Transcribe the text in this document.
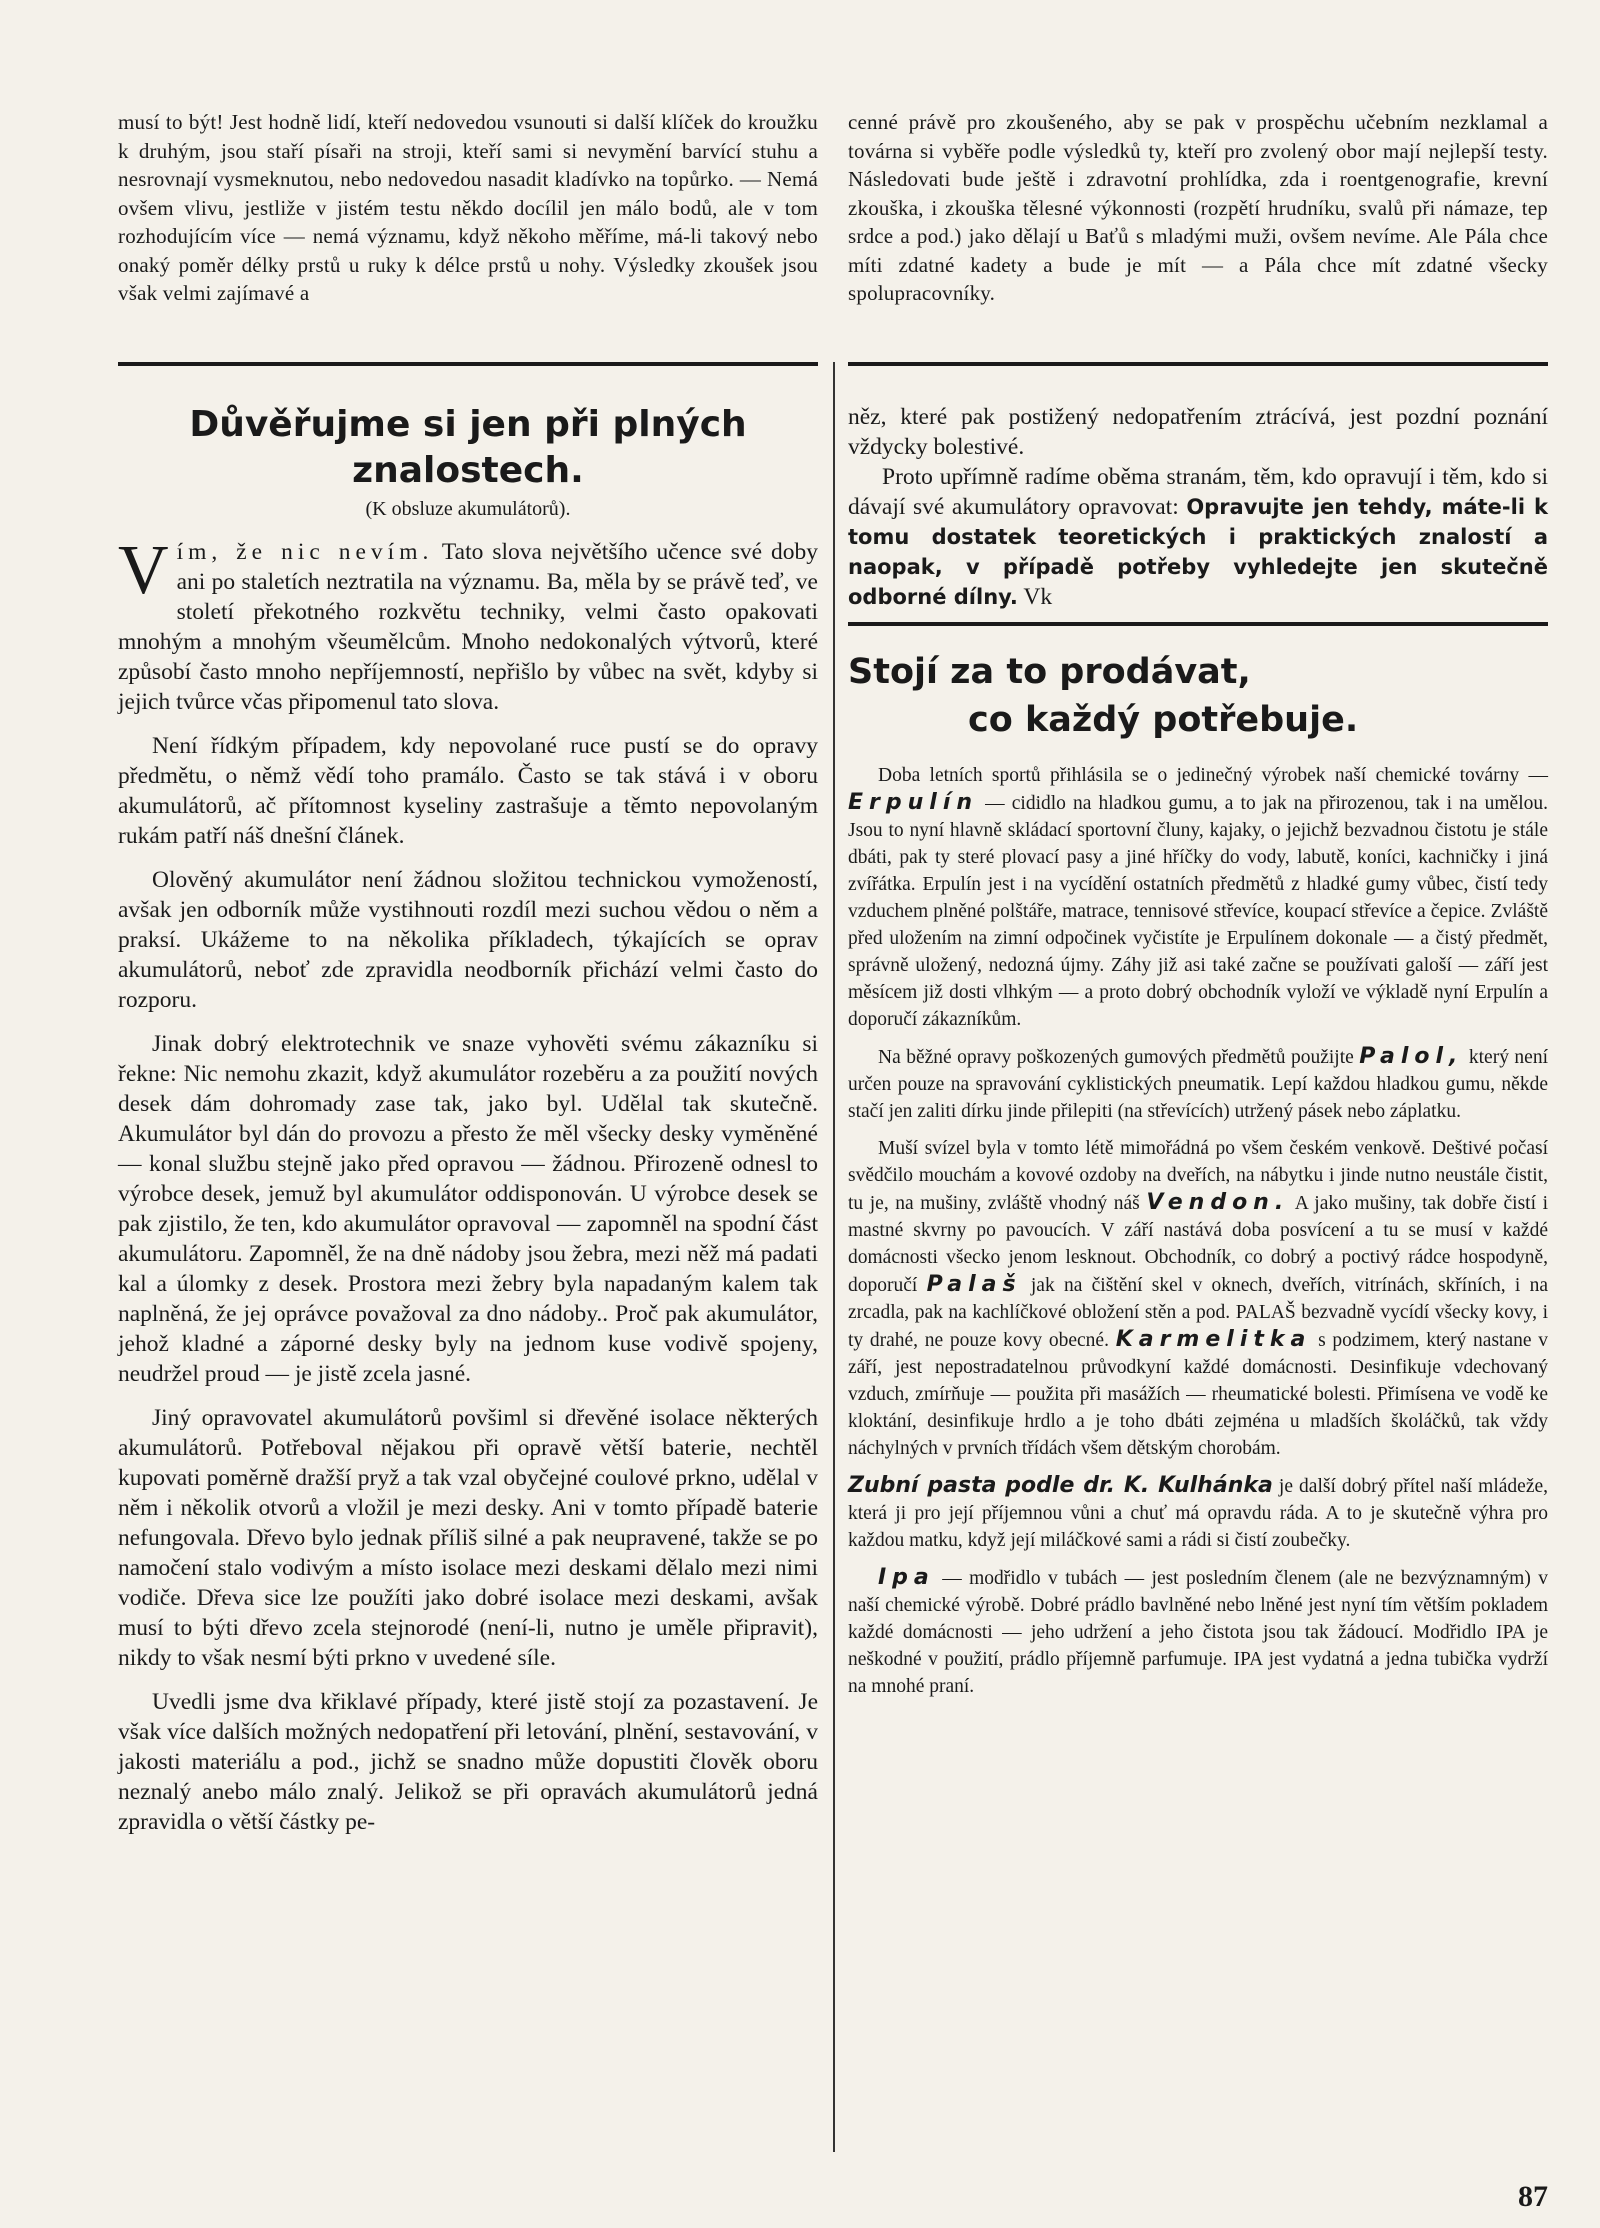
musí to být! Jest hodně lidí, kteří nedovedou vsunouti si další klíček do kroužku k druhým, jsou staří písaři na stroji, kteří sami si nevymění barvící stuhu a nesrovnají vysmeknutou, nebo nedovedou nasadit kladívko na topůrko. — Nemá ovšem vlivu, jestliže v jistém testu někdo docílil jen málo bodů, ale v tom rozhodujícím více — nemá významu, když někoho měříme, má-li takový nebo onaký poměr délky prstů u ruky k délce prstů u nohy. Výsledky zkoušek jsou však velmi zajímavé a

cenné právě pro zkoušeného, aby se pak v prospěchu učebním nezklamal a továrna si vyběře podle výsledků ty, kteří pro zvolený obor mají nejlepší testy. Následovati bude ještě i zdravotní prohlídka, zda i roentgenografie, krevní zkouška, i zkouška tělesné výkonnosti (rozpětí hrudníku, svalů při námaze, tep srdce a pod.) jako dělají u Baťů s mladými muži, ovšem nevíme. Ale Pála chce míti zdatné kadety a bude je mít — a Pála chce mít zdatné všecky spolupracovníky.

Důvěřujme si jen při plných
znalostech.
(K obsluze akumulátorů).

Vím, že nic nevím. Tato slova největšího učence své doby ani po staletích neztratila na významu. Ba, měla by se právě teď, ve století překotného rozkvětu techniky, velmi často opakovati mnohým a mnohým všeumělcům. Mnoho nedokonalých výtvorů, které způsobí často mnoho nepříjemností, nepřišlo by vůbec na svět, kdyby si jejich tvůrce včas připomenul tato slova.

Není řídkým případem, kdy nepovolané ruce pustí se do opravy předmětu, o němž vědí toho pramálo. Často se tak stává i v oboru akumulátorů, ač přítomnost kyseliny zastrašuje a těmto nepovolaným rukám patří náš dnešní článek.

Olověný akumulátor není žádnou složitou technickou vymožeností, avšak jen odborník může vystihnouti rozdíl mezi suchou vědou o něm a praksí. Ukážeme to na několika příkladech, týkajících se oprav akumulátorů, neboť zde zpravidla neodborník přichází velmi často do rozporu.

Jinak dobrý elektrotechnik ve snaze vyhověti svému zákazníku si řekne: Nic nemohu zkazit, když akumulátor rozeběru a za použití nových desek dám dohromady zase tak, jako byl. Udělal tak skutečně. Akumulátor byl dán do provozu a přesto že měl všecky desky vyměněné — konal službu stejně jako před opravou — žádnou. Přirozeně odnesl to výrobce desek, jemuž byl akumulátor oddisponován. U výrobce desek se pak zjistilo, že ten, kdo akumulátor opravoval — zapomněl na spodní část akumulátoru. Zapomněl, že na dně nádoby jsou žebra, mezi něž má padati kal a úlomky z desek. Prostora mezi žebry byla napadaným kalem tak naplněná, že jej oprávce považoval za dno nádoby.. Proč pak akumulátor, jehož kladné a záporné desky byly na jednom kuse vodivě spojeny, neudržel proud — je jistě zcela jasné.

Jiný opravovatel akumulátorů povšiml si dřevěné isolace některých akumulátorů. Potřeboval nějakou při opravě větší baterie, nechtěl kupovati poměrně dražší pryž a tak vzal obyčejné coulové prkno, udělal v něm i několik otvorů a vložil je mezi desky. Ani v tomto případě baterie nefungovala. Dřevo bylo jednak příliš silné a pak neupravené, takže se po namočení stalo vodivým a místo isolace mezi deskami dělalo mezi nimi vodiče. Dřeva sice lze použíti jako dobré isolace mezi deskami, avšak musí to býti dřevo zcela stejnorodé (není-li, nutno je uměle připravit), nikdy to však nesmí býti prkno v uvedené síle.

Uvedli jsme dva křiklavé případy, které jistě stojí za pozastavení. Je však více dalších možných nedopatření při letování, plnění, sestavování, v jakosti materiálu a pod., jichž se snadno může dopustiti člověk oboru neznalý anebo málo znalý. Jelikož se při opravách akumulátorů jedná zpravidla o větší částky pe-

něz, které pak postižený nedopatřením ztrácívá, jest pozdní poznání vždycky bolestivé.

Proto upřímně radíme oběma stranám, těm, kdo opravují i těm, kdo si dávají své akumulátory opravovat: Opravujte jen tehdy, máte-li k tomu dostatek teoretických i praktických znalostí a naopak, v případě potřeby vyhledejte jen skutečně odborné dílny. Vk

Stojí za to prodávat,
co každý potřebuje.

Doba letních sportů přihlásila se o jedinečný výrobek naší chemické továrny — Erpulín — cididlo na hladkou gumu, a to jak na přirozenou, tak i na umělou. Jsou to nyní hlavně skládací sportovní čluny, kajaky, o jejichž bezvadnou čistotu je stále dbáti, pak ty steré plovací pasy a jiné hříčky do vody, labutě, koníci, kachničky i jiná zvířátka. Erpulín jest i na vycídění ostatních předmětů z hladké gumy vůbec, čistí tedy vzduchem plněné polštáře, matrace, tennisové střevíce, koupací střevíce a čepice. Zvláště před uložením na zimní odpočinek vyčistíte je Erpulínem dokonale — a čistý předmět, správně uložený, nedozná újmy. Záhy již asi také začne se používati galoší — září jest měsícem již dosti vlhkým — a proto dobrý obchodník vyloží ve výkladě nyní Erpulín a doporučí zákazníkům.

Na běžné opravy poškozených gumových předmětů použijte Palol, který není určen pouze na spravování cyklistických pneumatik. Lepí každou hladkou gumu, někde stačí jen zaliti dírku jinde přilepiti (na střevících) utržený pásek nebo záplatku.

Muší svízel byla v tomto létě mimořádná po všem českém venkově. Deštivé počasí svědčilo mouchám a kovové ozdoby na dveřích, na nábytku i jinde nutno neustále čistit, tu je, na mušiny, zvláště vhodný náš Vendon. A jako mušiny, tak dobře čistí i mastné skvrny po pavoucích. V září nastává doba posvícení a tu se musí v každé domácnosti všecko jenom lesknout. Obchodník, co dobrý a poctivý rádce hospodyně, doporučí Palaš jak na čištění skel v oknech, dveřích, vitrínách, skříních, i na zrcadla, pak na kachlíčkové obložení stěn a pod. PALAŠ bezvadně vycídí všecky kovy, i ty drahé, ne pouze kovy obecné. Karmelitka s podzimem, který nastane v září, jest nepostradatelnou průvodkyní každé domácnosti. Desinfikuje vdechovaný vzduch, zmírňuje — použita při masážích — rheumatické bolesti. Přimísena ve vodě ke kloktání, desinfikuje hrdlo a je toho dbáti zejména u mladších školáčků, tak vždy náchylných v prvních třídách všem dětským chorobám.

Zubní pasta podle dr. K. Kulhánka je další dobrý přítel naší mládeže, která ji pro její příjemnou vůni a chuť má opravdu ráda. A to je skutečně výhra pro každou matku, když její miláčkové sami a rádi si čistí zoubečky.

Ipa — modřidlo v tubách — jest posledním členem (ale ne bezvýznamným) v naší chemické výrobě. Dobré prádlo bavlněné nebo lněné jest nyní tím větším pokladem každé domácnosti — jeho udržení a jeho čistota jsou tak žádoucí. Modřidlo IPA je neškodné v použití, prádlo příjemně parfumuje. IPA jest vydatná a jedna tubička vydrží na mnohé praní.

87
